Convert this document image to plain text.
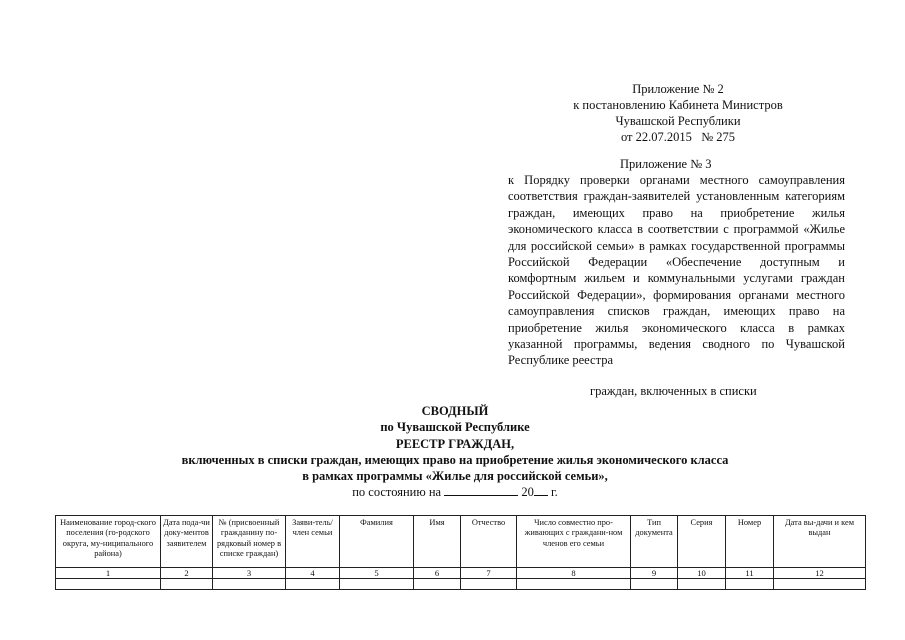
Приложение № 2
к постановлению Кабинета Министров
Чувашской Республики
от 22.07.2015   № 275
Приложение № 3

к Порядку проверки органами местного самоуправления соответствия граждан-заявителей установленным категориям граждан, имеющих право на приобретение жилья экономического класса в соответствии с программой «Жилье для российской семьи» в рамках государственной программы Российской Федерации «Обеспечение доступным и комфортным жильем и коммунальными услугами граждан Российской Федерации», формирования органами местного самоуправления списков граждан, имеющих право на приобретение жилья экономического класса в рамках указанной программы, ведения сводного по Чувашской Республике реестра

граждан, включенных в списки
СВОДНЫЙ
по Чувашской Республике
РЕЕСТР ГРАЖДАН,
включенных в списки граждан, имеющих право на приобретение жилья экономического класса
в рамках программы «Жилье для российской семьи»,
по состоянию на	20 г.
Наименование город-ского поселения (го-родского округа, му-ниципального района)	Дата пода-чи доку-ментов заявителем	№ (присвоенный гражданину по-рядковый номер в списке граждан)	Заяви-тель/член семьи	Фамилия	Имя	Отчество	Число совместно про-живающих с граждани-ном членов его семьи	Тип документа	Серия	Номер	Дата вы-дачи и кем выдан
1	2	3	4	5	6	7	8	9	10	11	12
